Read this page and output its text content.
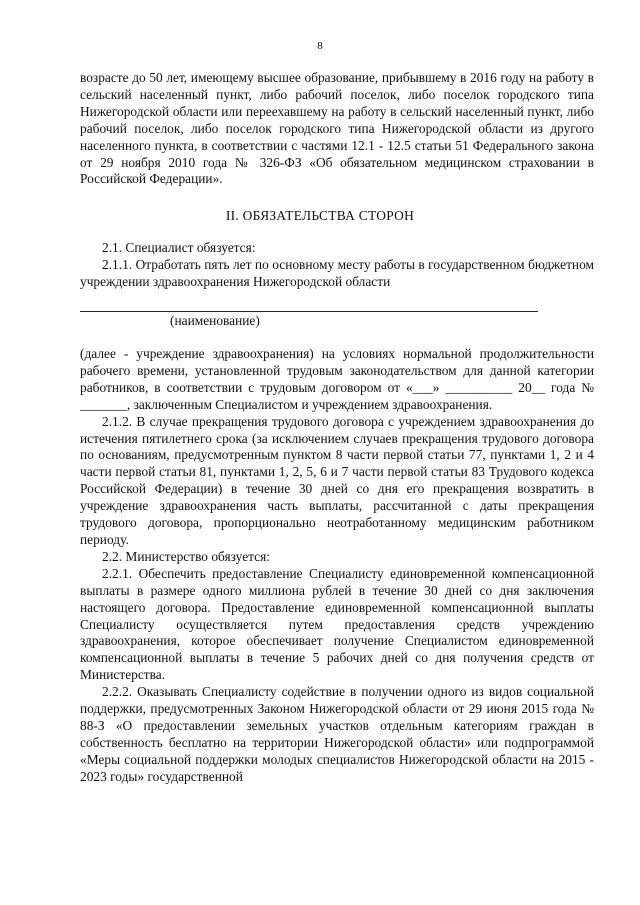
8

возрасте до 50 лет, имеющему высшее образование, прибывшему в 2016 году на работу в сельский населенный пункт, либо рабочий поселок, либо поселок городского типа Нижегородской области или переехавшему на работу в сельский населенный пункт, либо рабочий поселок, либо поселок городского типа Нижегородской области из другого населенного пункта, в соответствии с частями 12.1 - 12.5 статьи 51 Федерального закона от 29 ноября 2010 года № 326-ФЗ «Об обязательном медицинском страховании в Российской Федерации».

II. ОБЯЗАТЕЛЬСТВА СТОРОН

2.1. Специалист обязуется:

2.1.1. Отработать пять лет по основному месту работы в государственном бюджетном учреждении здравоохранения Нижегородской области

(наименование)

(далее - учреждение здравоохранения) на условиях нормальной продолжительности рабочего времени, установленной трудовым законодательством для данной категории работников, в соответствии с трудовым договором от «___» __________ 20__ года № _______, заключенным Специалистом и учреждением здравоохранения.

2.1.2. В случае прекращения трудового договора с учреждением здравоохранения до истечения пятилетнего срока (за исключением случаев прекращения трудового договора по основаниям, предусмотренным пунктом 8 части первой статьи 77, пунктами 1, 2 и 4 части первой статьи 81, пунктами 1, 2, 5, 6 и 7 части первой статьи 83 Трудового кодекса Российской Федерации) в течение 30 дней со дня его прекращения возвратить в учреждение здравоохранения часть выплаты, рассчитанной с даты прекращения трудового договора, пропорционально неотработанному медицинским работником периоду.

2.2. Министерство обязуется:

2.2.1. Обеспечить предоставление Специалисту единовременной компенсационной выплаты в размере одного миллиона рублей в течение 30 дней со дня заключения настоящего договора. Предоставление единовременной компенсационной выплаты Специалисту осуществляется путем предоставления средств учреждению здравоохранения, которое обеспечивает получение Специалистом единовременной компенсационной выплаты в течение 5 рабочих дней со дня получения средств от Министерства.

2.2.2. Оказывать Специалисту содействие в получении одного из видов социальной поддержки, предусмотренных Законом Нижегородской области от 29 июня 2015 года № 88-З «О предоставлении земельных участков отдельным категориям граждан в собственность бесплатно на территории Нижегородской области» или подпрограммой «Меры социальной поддержки молодых специалистов Нижегородской области на 2015 - 2023 годы» государственной
